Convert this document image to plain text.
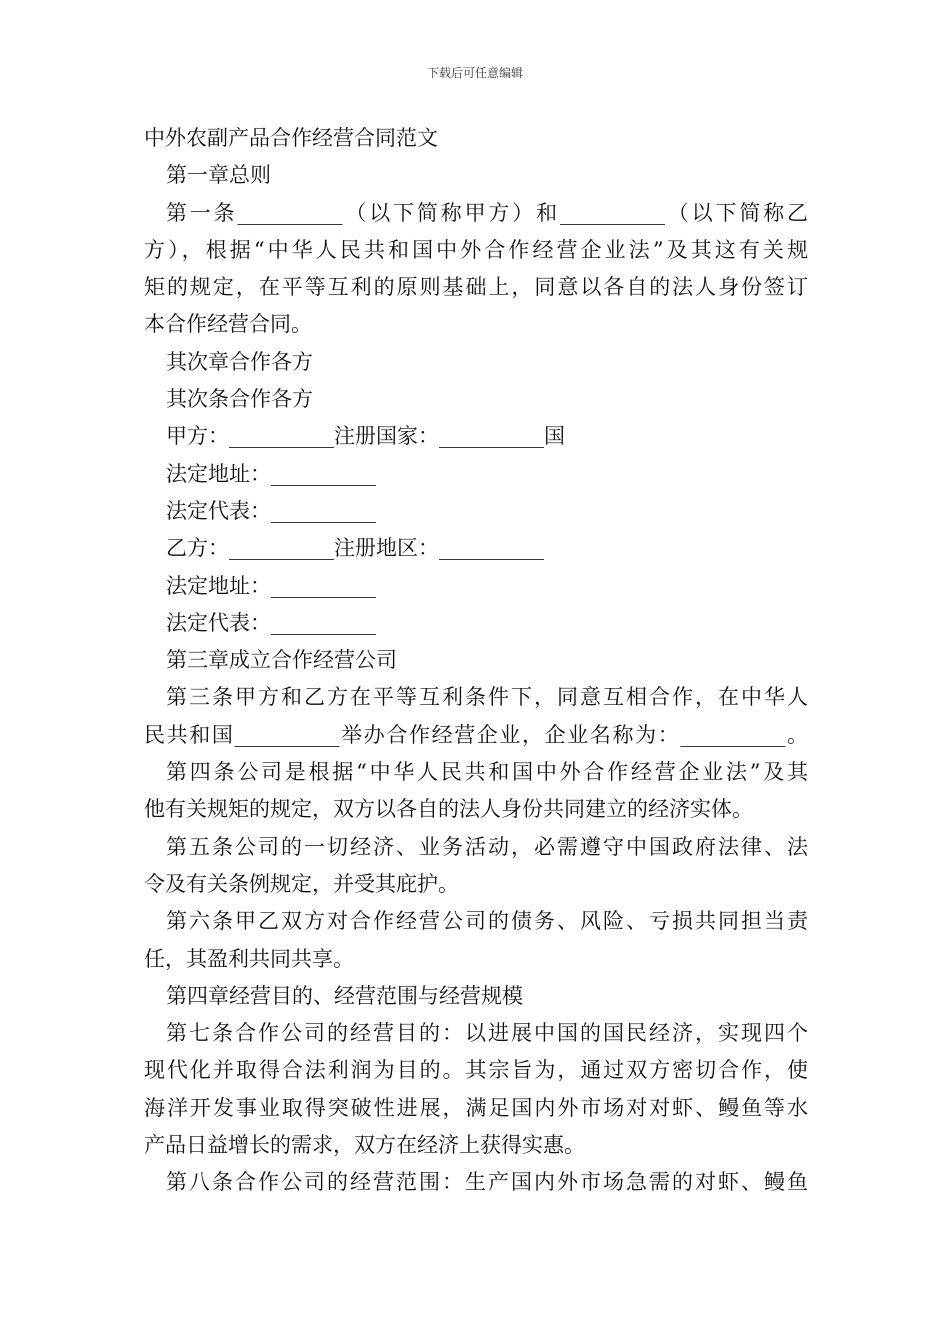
下载后可任意编辑
中外农副产品合作经营合同范文
第一章总则
第一条__________（以下简称甲方）和__________（以下简称乙
方），根据“中华人民共和国中外合作经营企业法”及其这有关规
矩的规定，在平等互利的原则基础上，同意以各自的法人身份签订
本合作经营合同。
其次章合作各方
其次条合作各方
甲方：__________注册国家：__________国
法定地址：__________
法定代表：__________
乙方：__________注册地区：__________
法定地址：__________
法定代表：__________
第三章成立合作经营公司
第三条甲方和乙方在平等互利条件下，同意互相合作，在中华人
民共和国__________举办合作经营企业，企业名称为：__________。
第四条公司是根据“中华人民共和国中外合作经营企业法”及其
他有关规矩的规定，双方以各自的法人身份共同建立的经济实体。
第五条公司的一切经济、业务活动，必需遵守中国政府法律、法
令及有关条例规定，并受其庇护。
第六条甲乙双方对合作经营公司的债务、风险、亏损共同担当责
任，其盈利共同共享。
第四章经营目的、经营范围与经营规模
第七条合作公司的经营目的：以进展中国的国民经济，实现四个
现代化并取得合法利润为目的。其宗旨为，通过双方密切合作，使
海洋开发事业取得突破性进展，满足国内外市场对对虾、鳗鱼等水
产品日益增长的需求，双方在经济上获得实惠。
第八条合作公司的经营范围：生产国内外市场急需的对虾、鳗鱼
